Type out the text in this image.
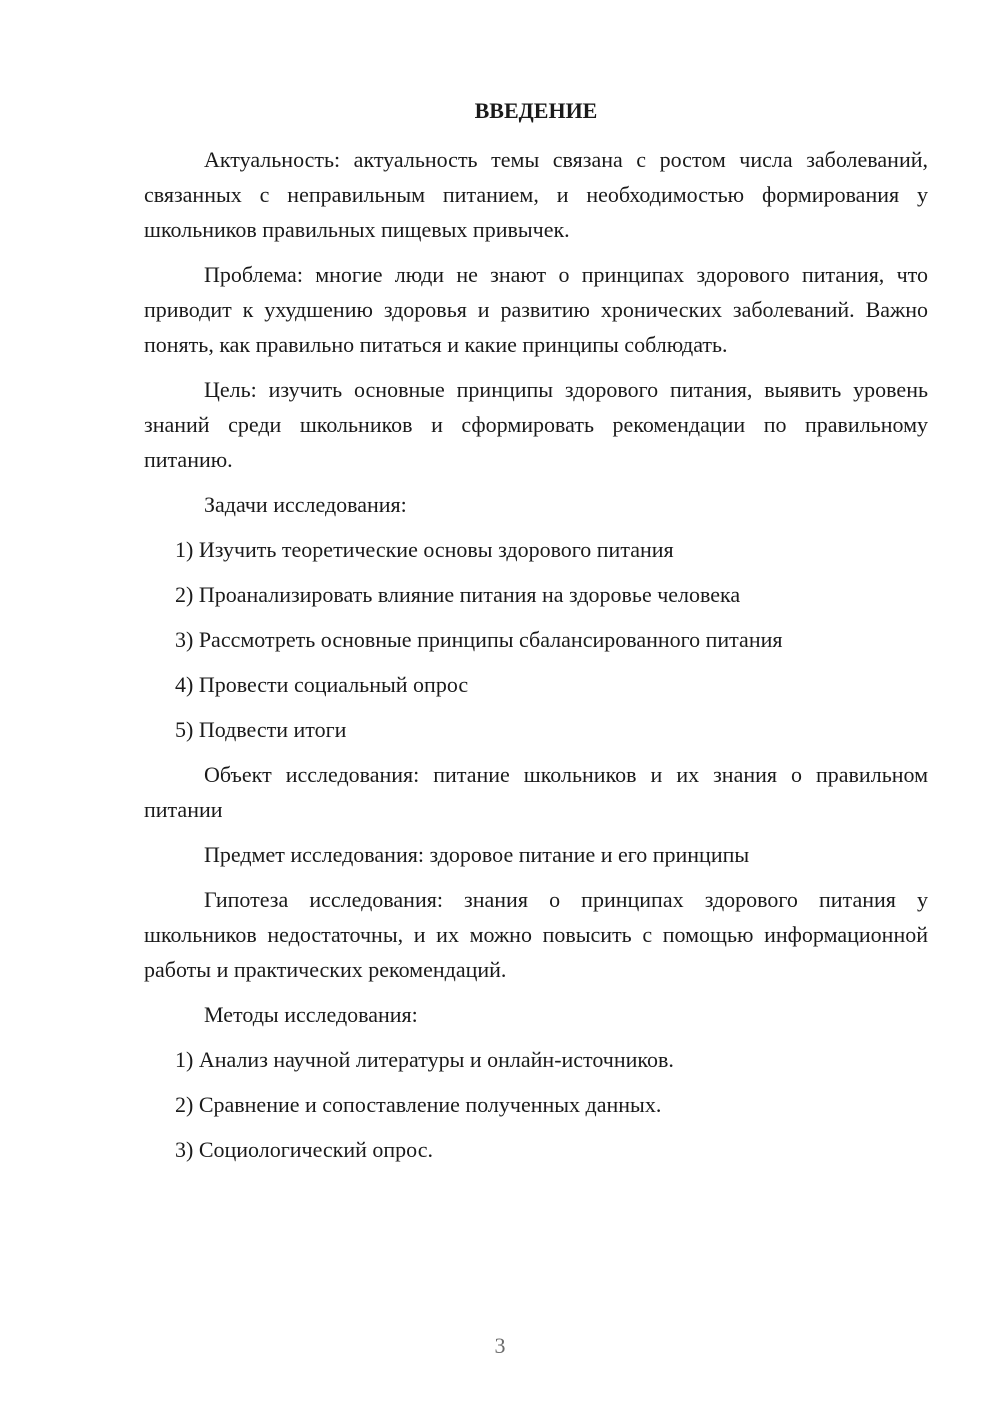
ВВЕДЕНИЕ

Актуальность: актуальность темы связана с ростом числа заболеваний, связанных с неправильным питанием, и необходимостью формирования у школьников правильных пищевых привычек.

Проблема: многие люди не знают о принципах здорового питания, что приводит к ухудшению здоровья и развитию хронических заболеваний. Важно понять, как правильно питаться и какие принципы соблюдать.

Цель: изучить основные принципы здорового питания, выявить уровень знаний среди школьников и сформировать рекомендации по правильному питанию.

Задачи исследования:

1) Изучить теоретические основы здорового питания

2) Проанализировать влияние питания на здоровье человека

3) Рассмотреть основные принципы сбалансированного питания

4) Провести социальный опрос

5) Подвести итоги

Объект исследования: питание школьников и их знания о правильном питании

Предмет исследования: здоровое питание и его принципы

Гипотеза исследования: знания о принципах здорового питания у школьников недостаточны, и их можно повысить с помощью информационной работы и практических рекомендаций.

Методы исследования:

1) Анализ научной литературы и онлайн-источников.

2) Сравнение и сопоставление полученных данных.

3) Социологический опрос.

3
